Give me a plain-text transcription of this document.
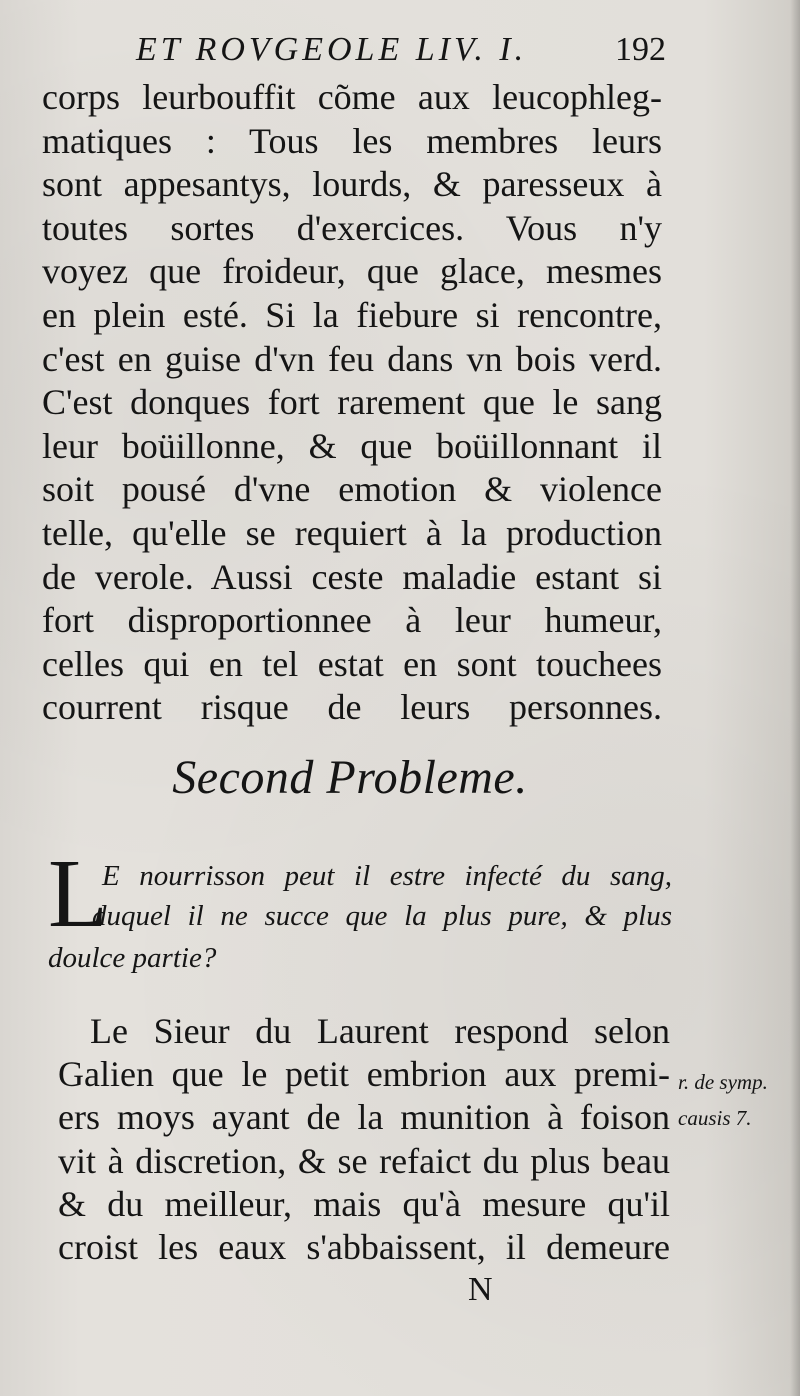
ET ROVGEOLE LIV. I.	192
corps leurbouffit cõme aux leucophleg-
matiques : Tous les membres leurs
sont appesantys, lourds, & paresseux à
toutes sortes d'exercices. Vous n'y
voyez que froideur, que glace, mesmes
en plein esté. Si la fiebure si rencontre,
c'est en guise d'vn feu dans vn bois verd.
C'est donques fort rarement que le sang
leur boüillonne, & que boüillonnant il
soit pousé d'vne emotion & violence
telle, qu'elle se requiert à la production
de verole. Aussi ceste maladie estant si
fort disproportionnee à leur humeur,
celles qui en tel estat en sont touchees
courrent risque de leurs personnes.
Second Probleme.
L
E nourrisson peut il estre infecté du sang,
duquel il ne succe que la plus pure, & plus
doulce partie?
Le Sieur du Laurent respond selon
Galien que le petit embrion aux premi-
ers moys ayant de la munition à foison
vit à discretion, & se refaict du plus beau
& du meilleur, mais qu'à mesure qu'il
croist les eaux s'abbaissent, il demeure
r. de symp.
causis 7.
N
